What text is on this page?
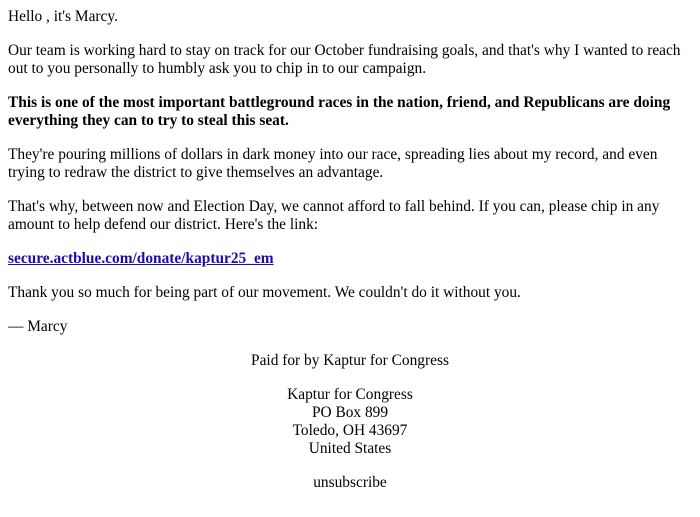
Hello , it's Marcy.

Our team is working hard to stay on track for our October fundraising goals, and that's why I wanted to reach out to you personally to humbly ask you to chip in to our campaign.

This is one of the most important battleground races in the nation, friend, and Republicans are doing everything they can to try to steal this seat.

They're pouring millions of dollars in dark money into our race, spreading lies about my record, and even trying to redraw the district to give themselves an advantage.

That's why, between now and Election Day, we cannot afford to fall behind. If you can, please chip in any amount to help defend our district. Here's the link:

secure.actblue.com/donate/kaptur25_em

Thank you so much for being part of our movement. We couldn't do it without you.

— Marcy

Paid for by Kaptur for Congress

Kaptur for Congress
PO Box 899
Toledo, OH 43697
United States

unsubscribe
